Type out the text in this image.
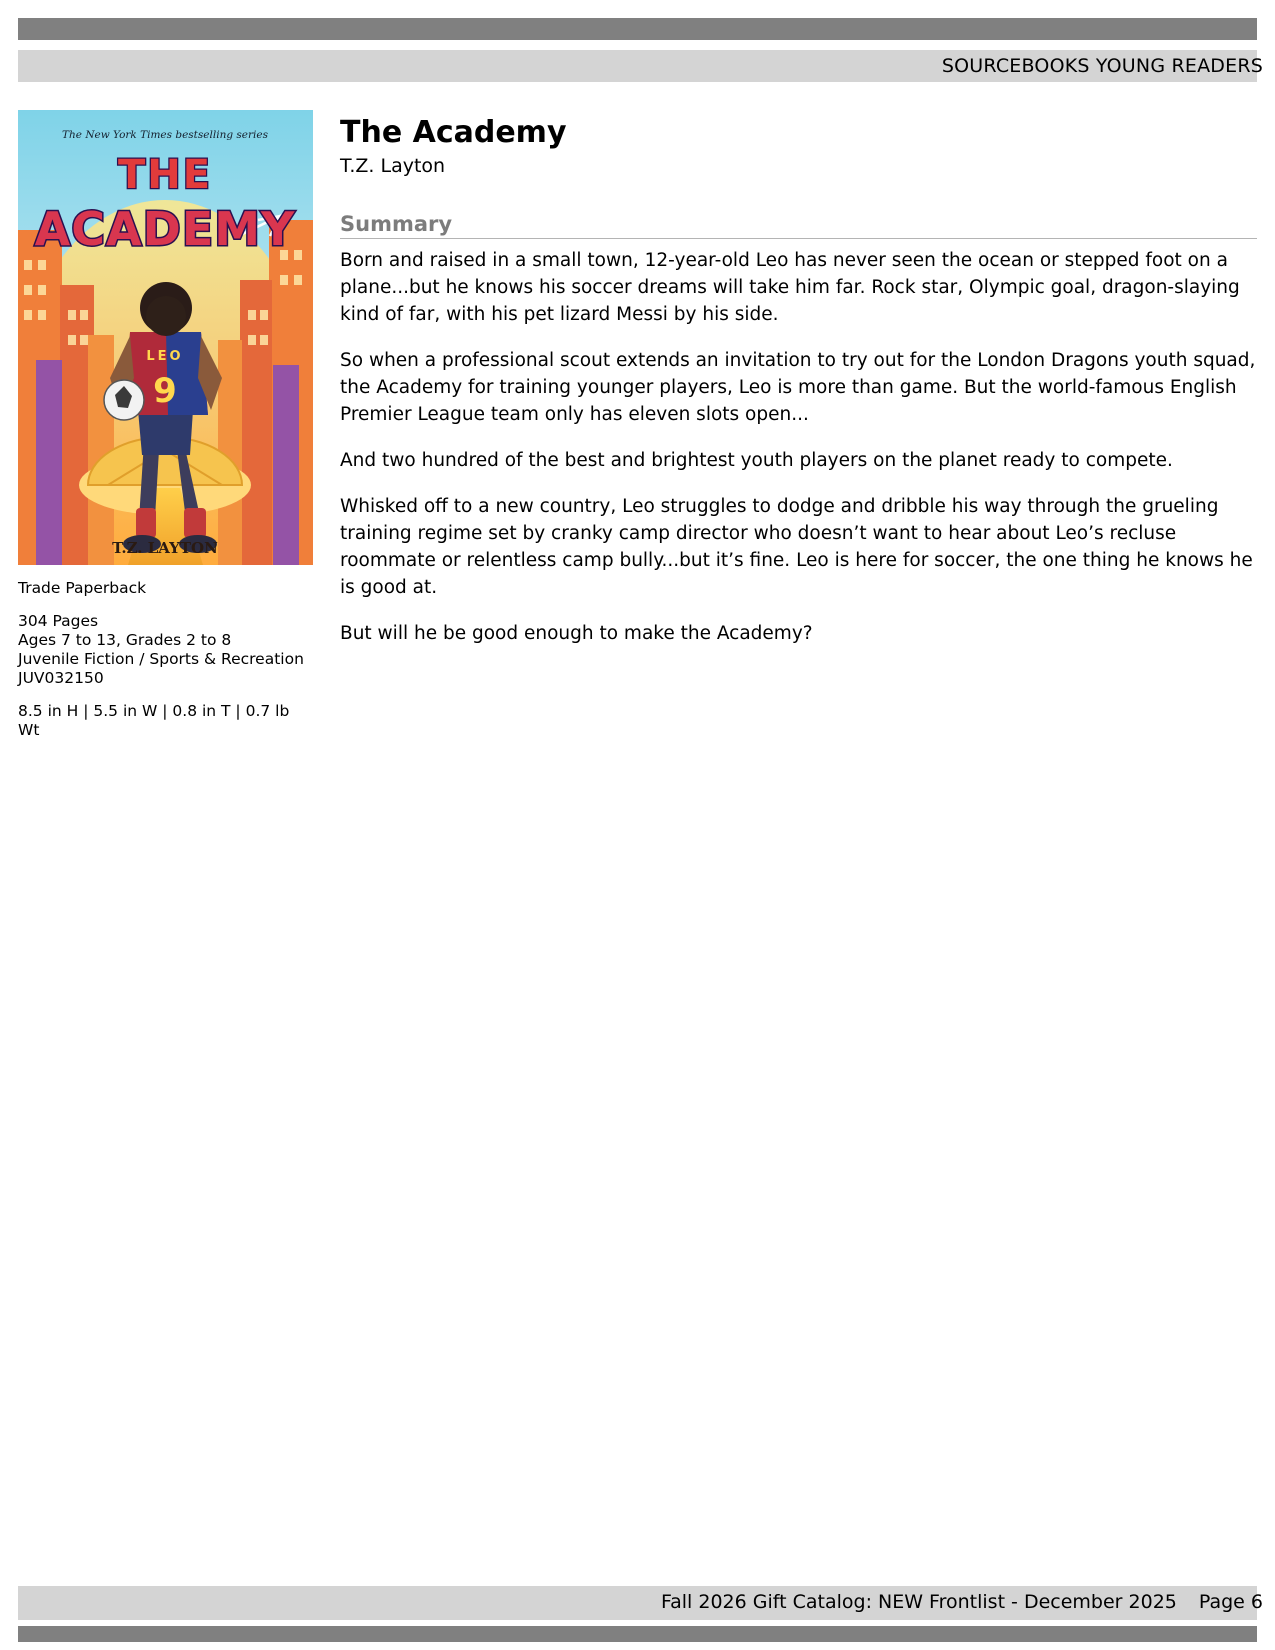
SOURCEBOOKS YOUNG READERS
LEO
9
The New York Times bestselling series
THE
ACADEMY
T.Z. LAYTON
Trade Paperback
304 Pages
Ages 7 to 13, Grades 2 to 8
Juvenile Fiction / Sports & Recreation
JUV032150
8.5 in H | 5.5 in W | 0.8 in T | 0.7 lb Wt
The Academy
T.Z. Layton
Summary

Born and raised in a small town, 12-year-old Leo has never seen the ocean or stepped foot on a plane...but he knows his soccer dreams will take him far. Rock star, Olympic goal, dragon-slaying kind of far, with his pet lizard Messi by his side.

So when a professional scout extends an invitation to try out for the London Dragons youth squad, the Academy for training younger players, Leo is more than game. But the world-famous English Premier League team only has eleven slots open...

And two hundred of the best and brightest youth players on the planet ready to compete.

Whisked off to a new country, Leo struggles to dodge and dribble his way through the grueling training regime set by cranky camp director who doesn’t want to hear about Leo’s recluse roommate or relentless camp bully...but it’s fine. Leo is here for soccer, the one thing he knows he is good at.

But will he be good enough to make the Academy?

Fall 2026 Gift Catalog: NEW Frontlist - December 2025 Page 6
